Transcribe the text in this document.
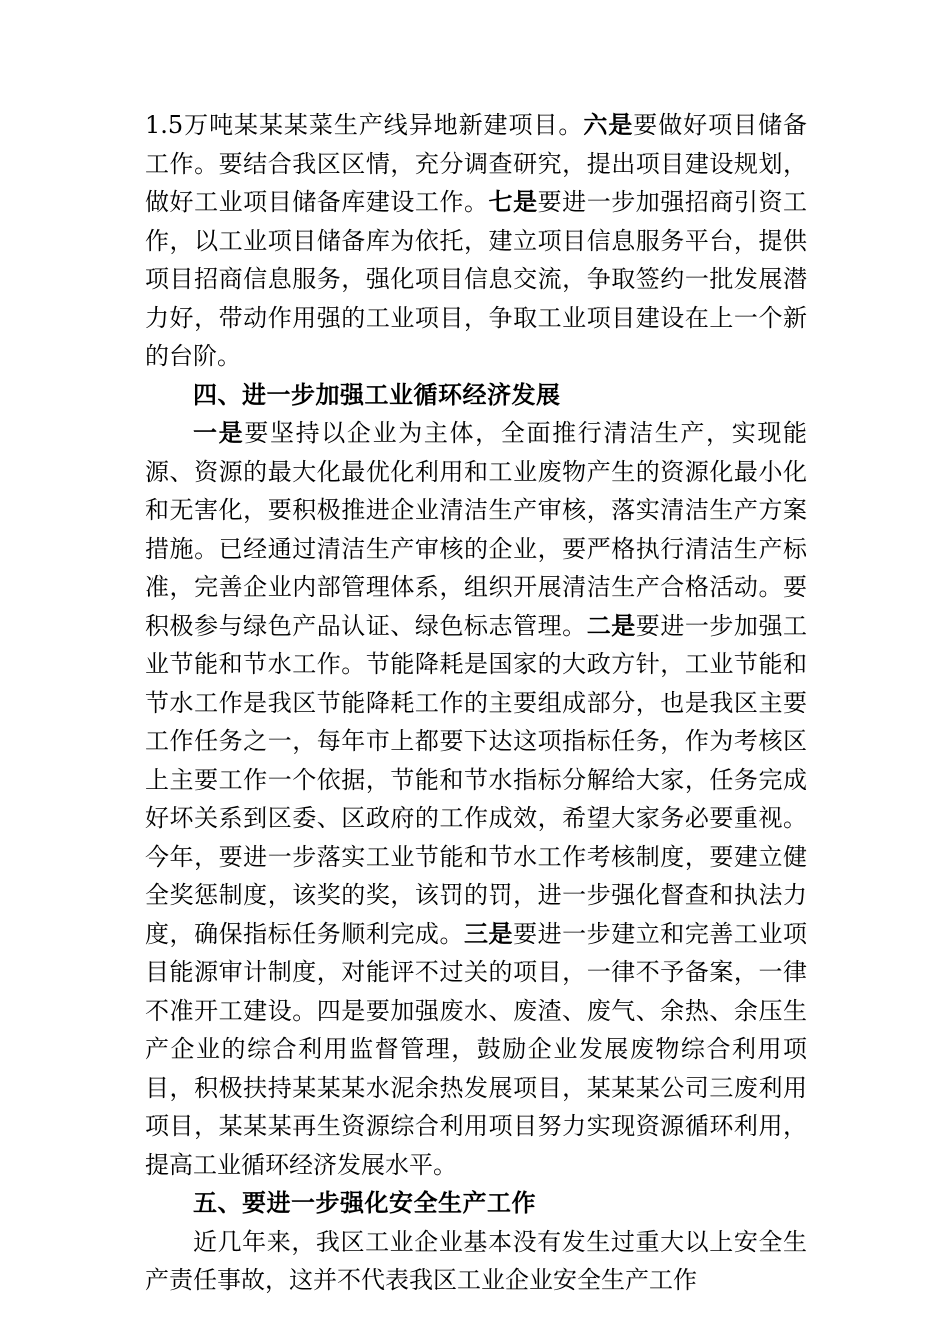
1.5万吨某某某菜生产线异地新建项目。六是要做好项目储备工作。要结合我区区情，充分调查研究，提出项目建设规划，做好工业项目储备库建设工作。七是要进一步加强招商引资工作，以工业项目储备库为依托，建立项目信息服务平台，提供项目招商信息服务，强化项目信息交流，争取签约一批发展潜力好，带动作用强的工业项目，争取工业项目建设在上一个新的台阶。

四、进一步加强工业循环经济发展

一是要坚持以企业为主体，全面推行清洁生产，实现能源、资源的最大化最优化利用和工业废物产生的资源化最小化和无害化，要积极推进企业清洁生产审核，落实清洁生产方案措施。已经通过清洁生产审核的企业，要严格执行清洁生产标准，完善企业内部管理体系，组织开展清洁生产合格活动。要积极参与绿色产品认证、绿色标志管理。二是要进一步加强工业节能和节水工作。节能降耗是国家的大政方针，工业节能和节水工作是我区节能降耗工作的主要组成部分，也是我区主要工作任务之一，每年市上都要下达这项指标任务，作为考核区上主要工作一个依据，节能和节水指标分解给大家，任务完成好坏关系到区委、区政府的工作成效，希望大家务必要重视。今年，要进一步落实工业节能和节水工作考核制度，要建立健全奖惩制度，该奖的奖，该罚的罚，进一步强化督查和执法力度，确保指标任务顺利完成。三是要进一步建立和完善工业项目能源审计制度，对能评不过关的项目，一律不予备案，一律不准开工建设。四是要加强废水、废渣、废气、余热、余压生产企业的综合利用监督管理，鼓励企业发展废物综合利用项目，积极扶持某某某水泥余热发展项目，某某某公司三废利用项目，某某某再生资源综合利用项目努力实现资源循环利用，提高工业循环经济发展水平。

五、要进一步强化安全生产工作

近几年来，我区工业企业基本没有发生过重大以上安全生产责任事故，这并不代表我区工业企业安全生产工作
